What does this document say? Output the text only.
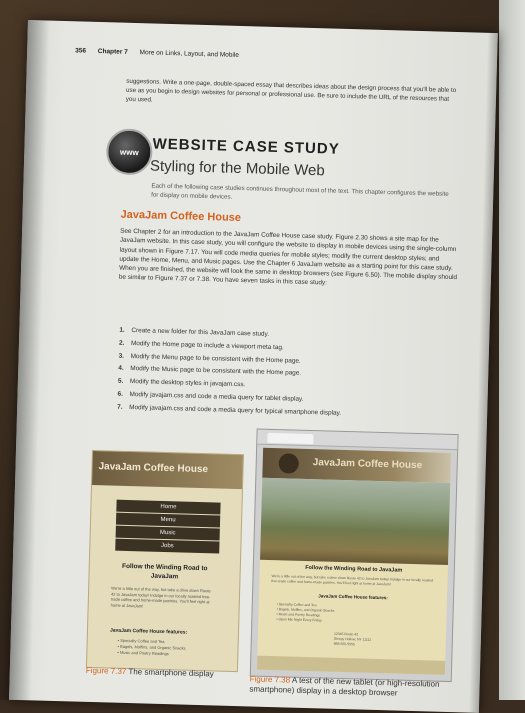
356 Chapter 7 More on Links, Layout, and Mobile
suggestions. Write a one-page, double-spaced essay that describes ideas about the design process that you'll be able to use as you begin to design websites for personal or professional use. Be sure to include the URL of the resources that you used.
www WEBSITE CASE STUDY
Styling for the Mobile Web
Each of the following case studies continues throughout most of the text. This chapter configures the website for display on mobile devices.
JavaJam Coffee House
See Chapter 2 for an introduction to the JavaJam Coffee House case study. Figure 2.30 shows a site map for the JavaJam website. In this case study, you will configure the website to display in mobile devices using the single-column layout shown in Figure 7.17. You will code media queries for mobile styles; modify the current desktop styles; and update the Home, Menu, and Music pages. Use the Chapter 6 JavaJam website as a starting point for this case study. When you are finished, the website will look the same in desktop browsers (see Figure 6.50). The mobile display should be similar to Figure 7.37 or 7.38. You have seven tasks in this case study:
1. Create a new folder for this JavaJam case study.
2. Modify the Home page to include a viewport meta tag.
3. Modify the Menu page to be consistent with the Home page.
4. Modify the Music page to be consistent with the Home page.
5. Modify the desktop styles in javajam.css.
6. Modify javajam.css and code a media query for tablet display.
7. Modify javajam.css and code a media query for typical smartphone display.
JavaJam Coffee House
Home
Menu
Music
Jobs
Follow the Winding Road to JavaJam
We're a little out of the way, but take a drive down Route 42 to JavaJam today! Indulge in our locally roasted free-trade coffee and home-made pastries. You'll feel right at home at JavaJam!
JavaJam Coffee House features:
• Specialty Coffee and Tea
• Bagels, Muffins, and Organic Snacks
• Music and Poetry Readings
Figure 7.37 The smartphone display
JavaJam Coffee House
Follow the Winding Road to JavaJam
We're a little out of the way, but take a drive down Route 42 to JavaJam today! Indulge in our locally roasted free-trade coffee and home-made pastries. You'll feel right at home at JavaJam!
JavaJam Coffee House features:
• Specialty Coffee and Tea
• Bagels, Muffins, and Organic Snacks
• Music and Poetry Readings
• Open Mic Night Every Friday
12345 Route 42
Sleepy Hollow, NY 11111
888-555-5555
Figure 7.38 A test of the new tablet (or high-resolution smartphone) display in a desktop browser
